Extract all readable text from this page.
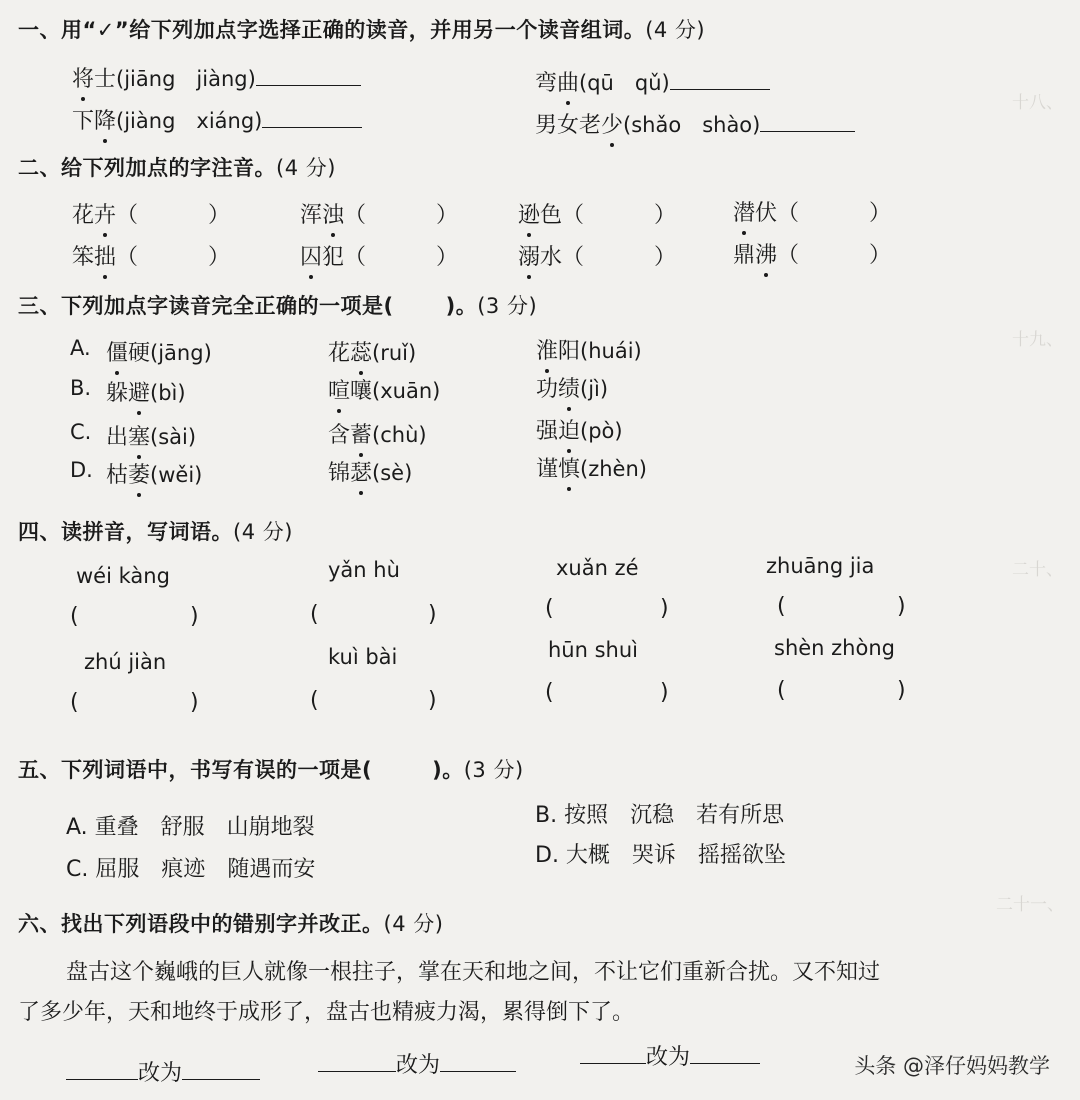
十八、
十九、
二十、
二十一、
一、用“✓”给下列加点字选择正确的读音，并用另一个读音组词。(4 分)
将士(jiāng　jiàng)	弯曲(qū　qǔ)
下降(jiàng　xiáng)	男女老少(shǎo　shào)
二、给下列加点的字注音。(4 分)
花卉（	）	浑浊（	）	逊色（	）	潜伏（	）
笨拙（	）	囚犯（	）	溺水（	）	鼎沸（	）
三、下列加点字读音完全正确的一项是( )。(3 分)
A.
B.
C.
D.
僵硬(jāng)	花蕊(ruǐ)	淮阳(huái)
躲避(bì)	喧嚷(xuān)	功绩(jì)
出塞(sài)	含蓄(chù)	强迫(pò)
枯萎(wěi)	锦瑟(sè)	谨慎(zhèn)
四、读拼音，写词语。(4 分)
wéi kàng	yǎn hù	xuǎn zé	zhuāng jia
(	)	(	)	(	)	(	)
zhú jiàn	kuì bài	hūn shuì	shèn zhòng
(	)	(	)	(	)	(	)
五、下列词语中，书写有误的一项是(	)。(3 分)
A. 重叠　舒服　山崩地裂	B. 按照　沉稳　若有所思
C. 屈服　痕迹　随遇而安
D. 大概　哭诉　摇摇欲坠
六、找出下列语段中的错别字并改正。(4 分)
盘古这个巍峨的巨人就像一根拄子，掌在天和地之间，不让它们重新合扰。又不知过
了多少年，天和地终于成形了，盘古也精疲力渴，累得倒下了。
改为	改为	改为	头条 @泽仔妈妈教学
